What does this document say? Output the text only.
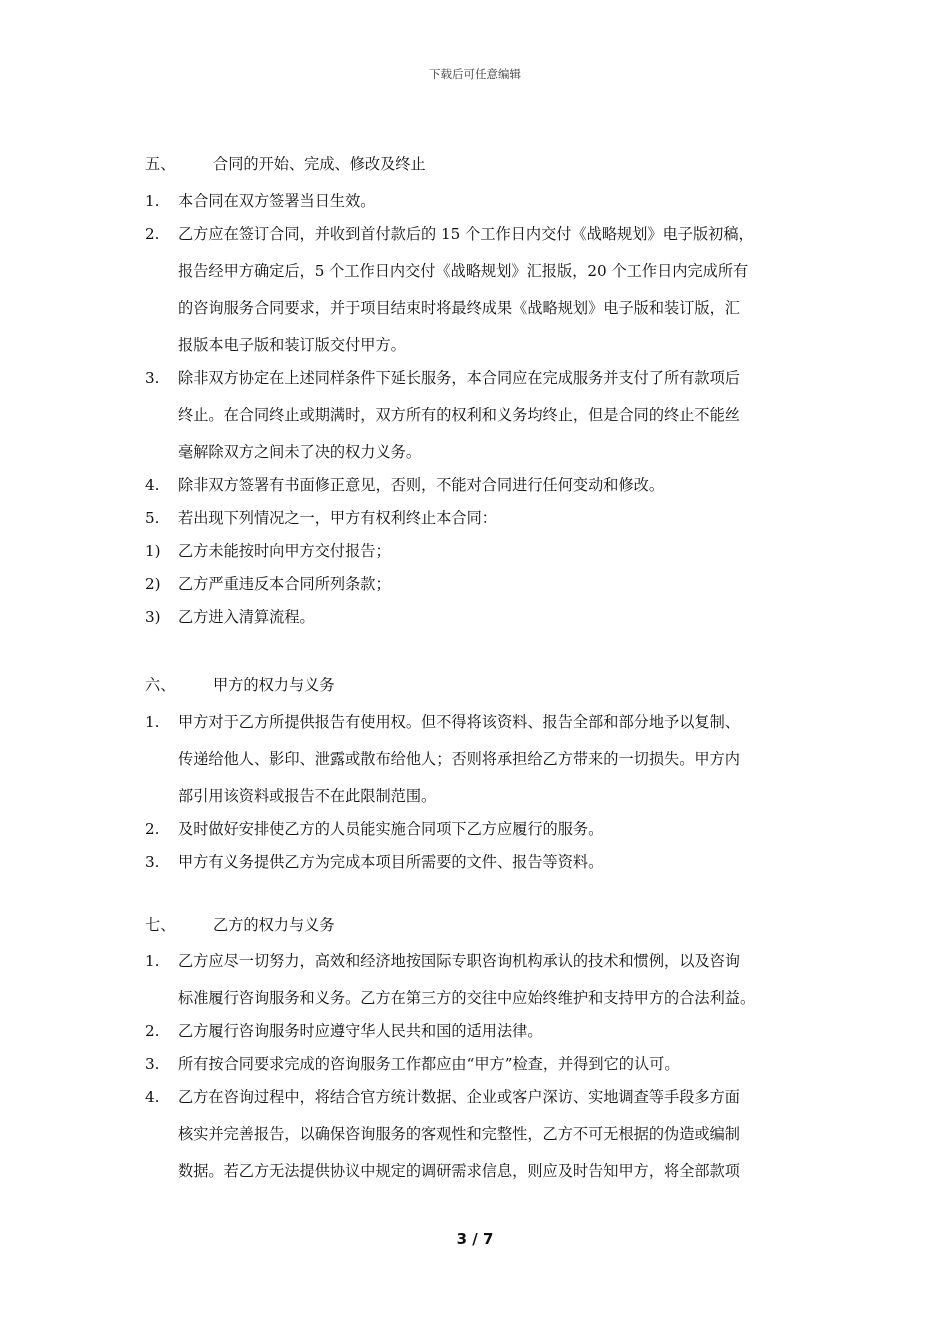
下载后可任意编辑
五、 合同的开始、完成、修改及终止
1. 本合同在双方签署当日生效。
2. 乙方应在签订合同，并收到首付款后的 15 个工作日内交付《战略规划》电子版初稿，
报告经甲方确定后，5 个工作日内交付《战略规划》汇报版，20 个工作日内完成所有
的咨询服务合同要求，并于项目结束时将最终成果《战略规划》电子版和装订版，汇
报版本电子版和装订版交付甲方。
3. 除非双方协定在上述同样条件下延长服务，本合同应在完成服务并支付了所有款项后
终止。在合同终止或期满时，双方所有的权利和义务均终止，但是合同的终止不能丝
毫解除双方之间未了决的权力义务。
4. 除非双方签署有书面修正意见，否则，不能对合同进行任何变动和修改。
5. 若出现下列情况之一，甲方有权利终止本合同：
1) 乙方未能按时向甲方交付报告；
2) 乙方严重违反本合同所列条款；
3) 乙方进入清算流程。
六、 甲方的权力与义务
1. 甲方对于乙方所提供报告有使用权。但不得将该资料、报告全部和部分地予以复制、
传递给他人、影印、泄露或散布给他人；否则将承担给乙方带来的一切损失。甲方内
部引用该资料或报告不在此限制范围。
2. 及时做好安排使乙方的人员能实施合同项下乙方应履行的服务。
3. 甲方有义务提供乙方为完成本项目所需要的文件、报告等资料。
七、 乙方的权力与义务
1. 乙方应尽一切努力，高效和经济地按国际专职咨询机构承认的技术和惯例，以及咨询
标准履行咨询服务和义务。乙方在第三方的交往中应始终维护和支持甲方的合法利益。
2. 乙方履行咨询服务时应遵守华人民共和国的适用法律。
3. 所有按合同要求完成的咨询服务工作都应由“甲方”检查，并得到它的认可。
4. 乙方在咨询过程中，将结合官方统计数据、企业或客户深访、实地调查等手段多方面
核实并完善报告，以确保咨询服务的客观性和完整性，乙方不可无根据的伪造或编制
数据。若乙方无法提供协议中规定的调研需求信息，则应及时告知甲方，将全部款项
3 / 7
